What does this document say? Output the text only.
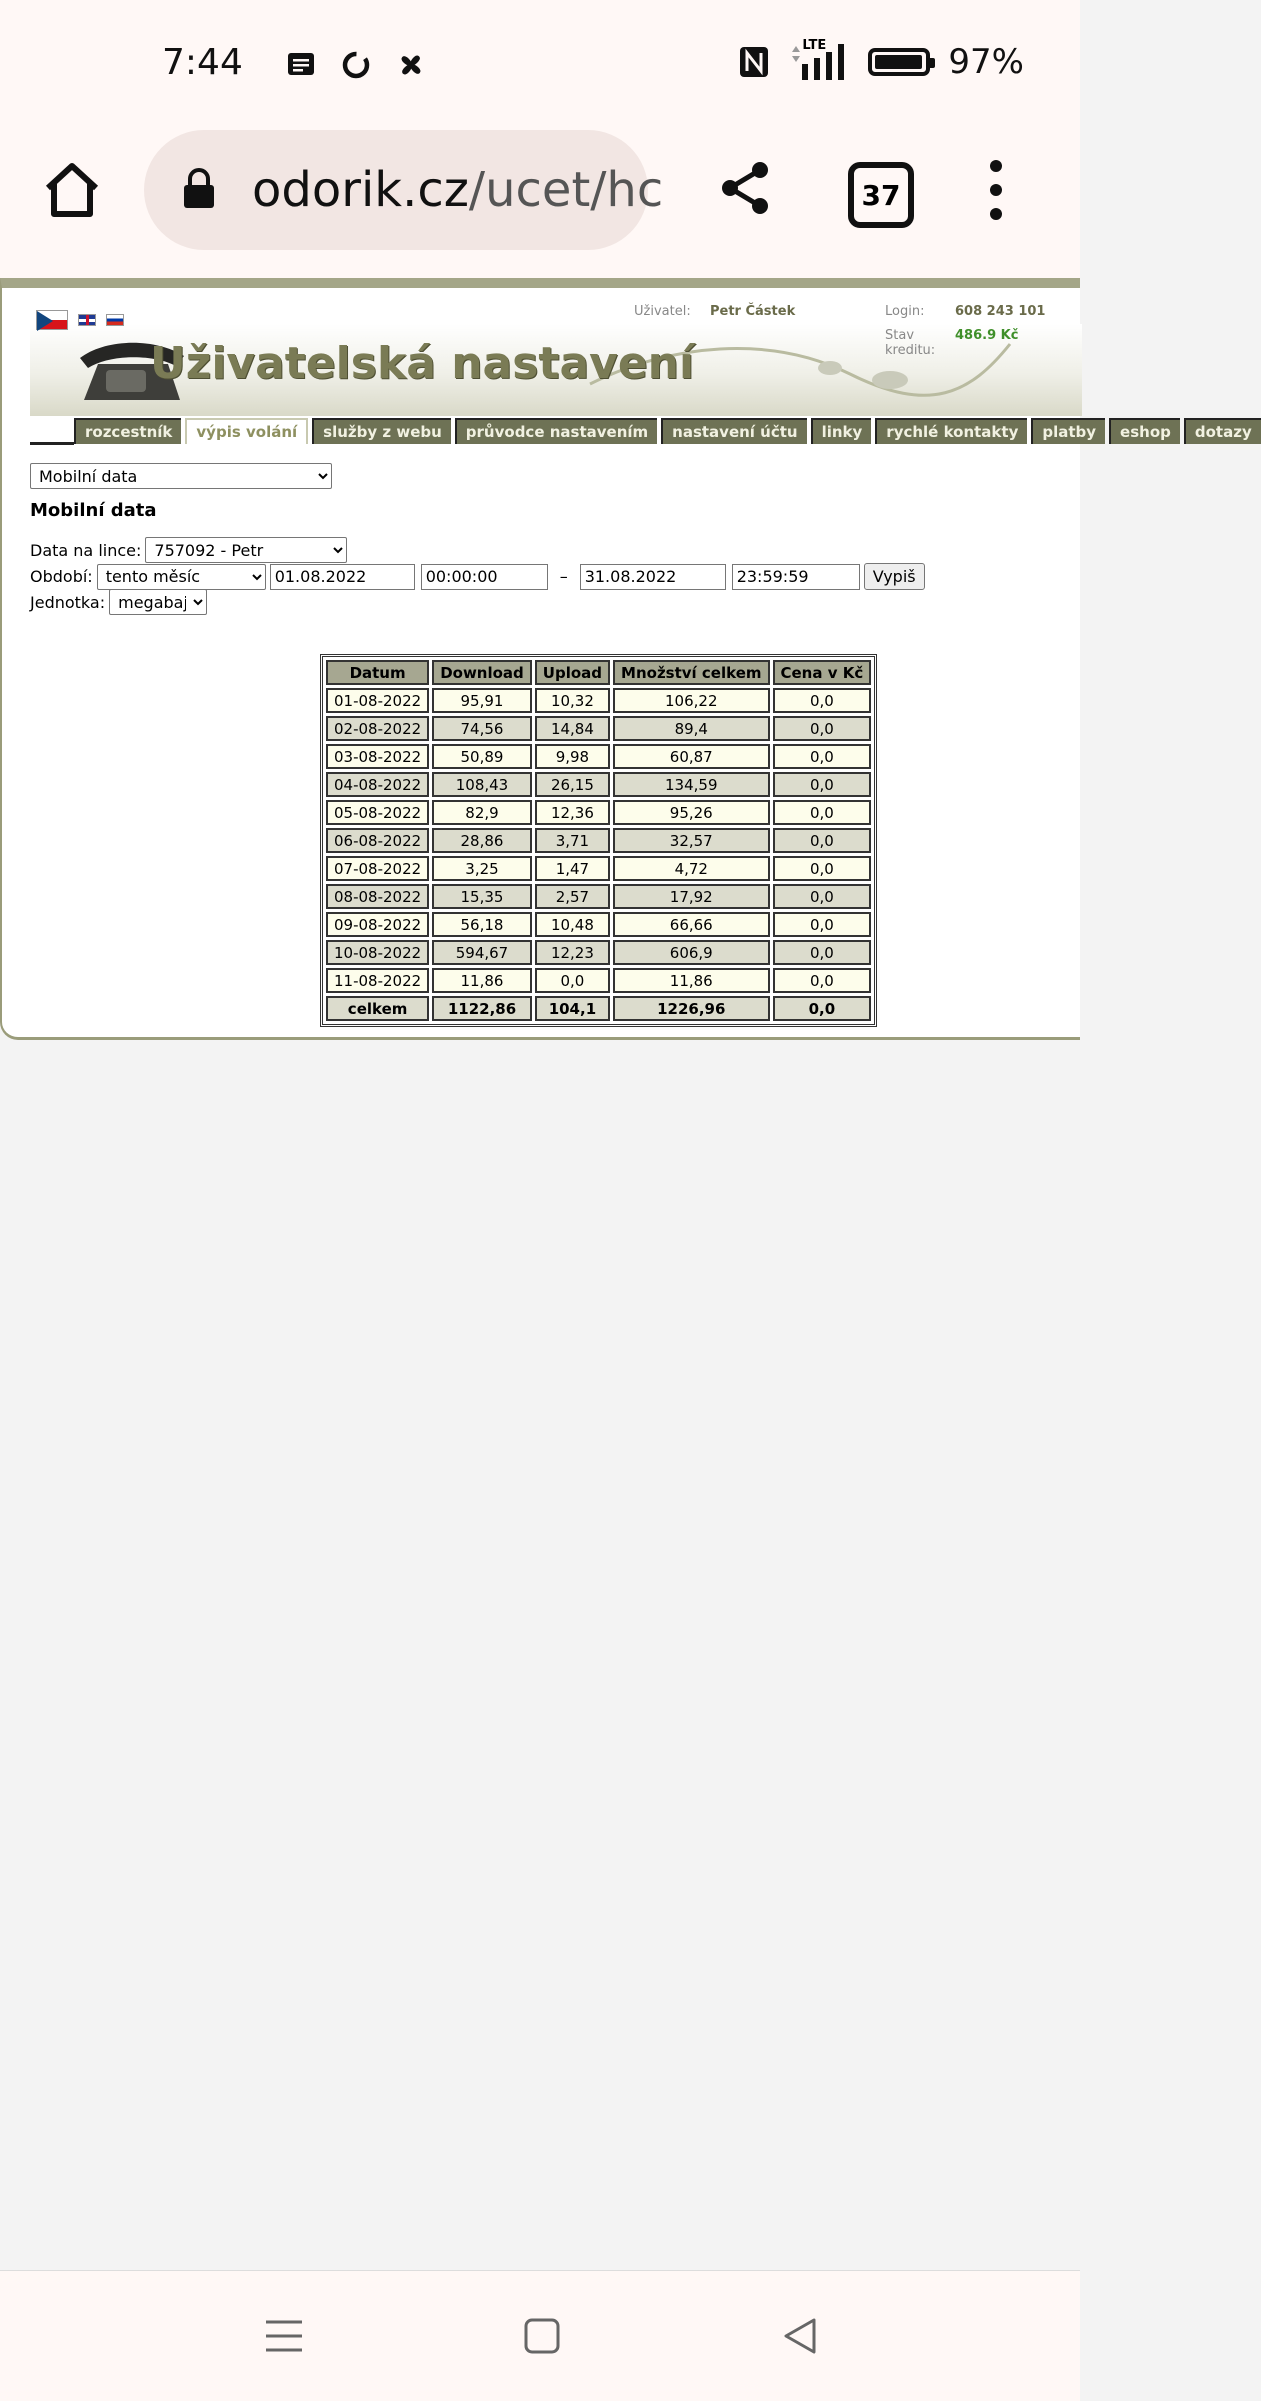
7:44	LTE	97%
odorik.cz/ucet/hc	37
Uživatelská nastavení
Uživatel: Petr Částek	Login: 608 243 101
Stav kreditu:
486.9 Kč
rozcestník	výpis volání	služby z webu	průvodce nastavením	nastavení účtu	linky	rychlé kontakty	platby	eshop	dotazy
Mobilní data
Mobilní data
Data na lince:
757092 - Petr
Období:
tento měsíc
01.08.2022
00:00:00	–
31.08.2022
23:59:59	Vypiš
Jednotka:
megabajt
Datum	Download	Upload	Množství celkem	Cena v Kč
01-08-2022	95,91	10,32	106,22	0,0
02-08-2022	74,56	14,84	89,4	0,0
03-08-2022	50,89	9,98	60,87	0,0
04-08-2022	108,43	26,15	134,59	0,0
05-08-2022	82,9	12,36	95,26	0,0
06-08-2022	28,86	3,71	32,57	0,0
07-08-2022	3,25	1,47	4,72	0,0
08-08-2022	15,35	2,57	17,92	0,0
09-08-2022	56,18	10,48	66,66	0,0
10-08-2022	594,67	12,23	606,9	0,0
11-08-2022	11,86	0,0	11,86	0,0
celkem	1122,86	104,1	1226,96	0,0
